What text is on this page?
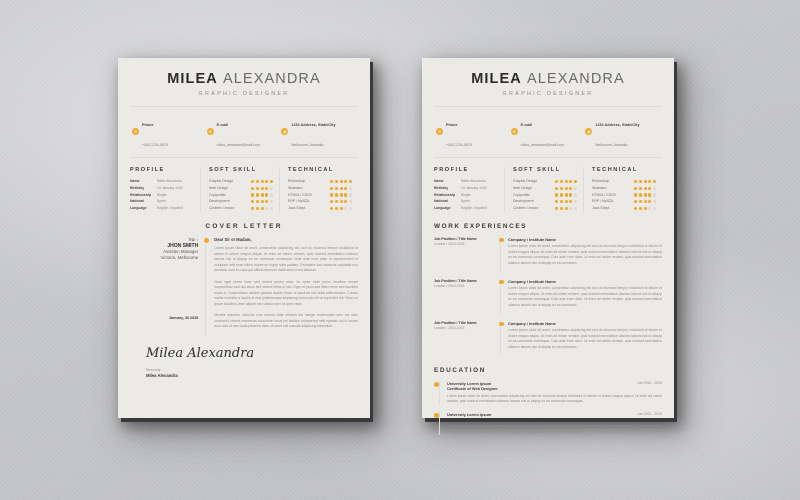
MILEA ALEXANDRA
GRAPHIC DESIGNER
✆
Phone
+000-1234-5678
✉
E-mail
milea_alexandra@mail.com
◉
1234 Address, State/City
Melbourne, Australia
PROFILE
Name	Milea Alexandra
Birthday	10 January 1994
Relationship	Single
National	Spain
Language	English, Español
SOFT SKILL
Graphic Design
Web Design
Copywriter
Development
Content Creator
TECHNICAL
Photoshop
Illustrator
HTML5 / CSS3
PHP / MySQL
Java Script
COVER LETTER
TO :
JHON SMITH
Assisten Manager
Victoria, Melbourne
January, 30 2025
Dear Sir or Madam,

Lorem ipsum dolor sit amet, consectetur adipiscing elit, sed do eiusmod tempor incididunt ut labore et dolore magna aliqua. Ut enim ad minim veniam, quis nostrud exercitation ullamco laboris nisi ut aliquip ex ea commodo consequat. Duis aute irure dolor in reprehenderit in voluptate velit esse cillum dolore eu fugiat nulla pariatur. Excepteur sint occaecat cupidatat non proident, sunt in culpa qui officia deserunt mollit anim id est laborum.

Nunc eget lorem dolor sed viverra ipsum nunc. Ac tortor vitae purus faucibus ornare suspendisse sed nisi lacus sed viverra tellus in hac. Eget mi proin sed libero enim sed faucibus turpis in. Suspendisse ultrices gravida dictum fusce ut placerat orci nulla pellentesque. Cursus mattis molestie a iaculis at erat pellentesque adipiscing commodo elit at imperdiet dui. Nunc mi ipsum faucibus vitae aliquet nec ullamcorper sit amet risus.

Montes nascetur ridiculus mus mauris vitae ultricies leo integer malesuada nunc vel risus commodo viverra maecenas accumsan lacus vel facilisis volutpat est velit egestas dui id ornare arcu odio ut sem nulla pharetra diam sit amet nisl suscipit adipiscing bibendum.

Milea Alexandra
Sincerely
Milea Alexandra
MILEA ALEXANDRA
GRAPHIC DESIGNER
✆
Phone
+000-1234-5678
✉
E-mail
milea_alexandra@mail.com
◉
1234 Address, State/City
Melbourne, Australia
PROFILE
Name	Milea Alexandra
Birthday	10 January 1994
Relationship	Single
National	Spain
Language	English, Español
SOFT SKILL
Graphic Design
Web Design
Copywriter
Development
Content Creator
TECHNICAL
Photoshop
Illustrator
HTML5 / CSS3
PHP / MySQL
Java Script
WORK EXPERIENCES
Job Position / Title Name
London / 2014-2015
Company / Institute Name

Lorem ipsum dolor sit amet, consectetur adipiscing elit sed do eiusmod tempor incididunt ut labore et dolore magna aliqua. Ut enim ad minim veniam, quis nostrud exercitation ullamco laboris nisi ut aliquip ex ea commodo consequat. Duis aute irure dolor. Ut enim ad minim veniam, quis nostrud exercitation ullamco laboris nisi ut aliquip ex ea commodo.

Job Position / Title Name
London / 2014-2015
Company / Institute Name

Lorem ipsum dolor sit amet, consectetur adipiscing elit sed do eiusmod tempor incididunt ut labore et dolore magna aliqua. Ut enim ad minim veniam, quis nostrud exercitation ullamco laboris nisi ut aliquip ex ea commodo consequat. Duis aute irure dolor. Ut enim ad minim veniam, quis nostrud exercitation ullamco laboris nisi ut aliquip ex ea commodo.

Job Position / Title Name
London / 2014-2015
Company / Institute Name

Lorem ipsum dolor sit amet, consectetur adipiscing elit sed do eiusmod tempor incididunt ut labore et dolore magna aliqua. Ut enim ad minim veniam, quis nostrud exercitation ullamco laboris nisi ut aliquip ex ea commodo consequat. Duis aute irure dolor. Ut enim ad minim veniam, quis nostrud exercitation ullamco laboris nisi ut aliquip ex ea commodo.

EDUCATION
University Lorem Ipsum
Certificate of Web Designer
Jan 2012 - 2015

Lorem ipsum dolor sit amet, consectetur adipiscing elit sed do eiusmod tempor incididunt ut labore et dolore magna aliqua. Ut enim ad minim veniam, quis nostrud exercitation ullamco laboris nisi ut aliquip ex ea commodo consequat.

University Lorem Ipsum
Certificate of Web Designer
Jan 2012 - 2015

Lorem ipsum dolor sit amet, consectetur adipiscing elit sed do eiusmod tempor incididunt ut labore et dolore magna aliqua. Ut enim ad minim veniam, quis nostrud exercitation ullamco laboris nisi ut aliquip ex ea commodo consequat.
